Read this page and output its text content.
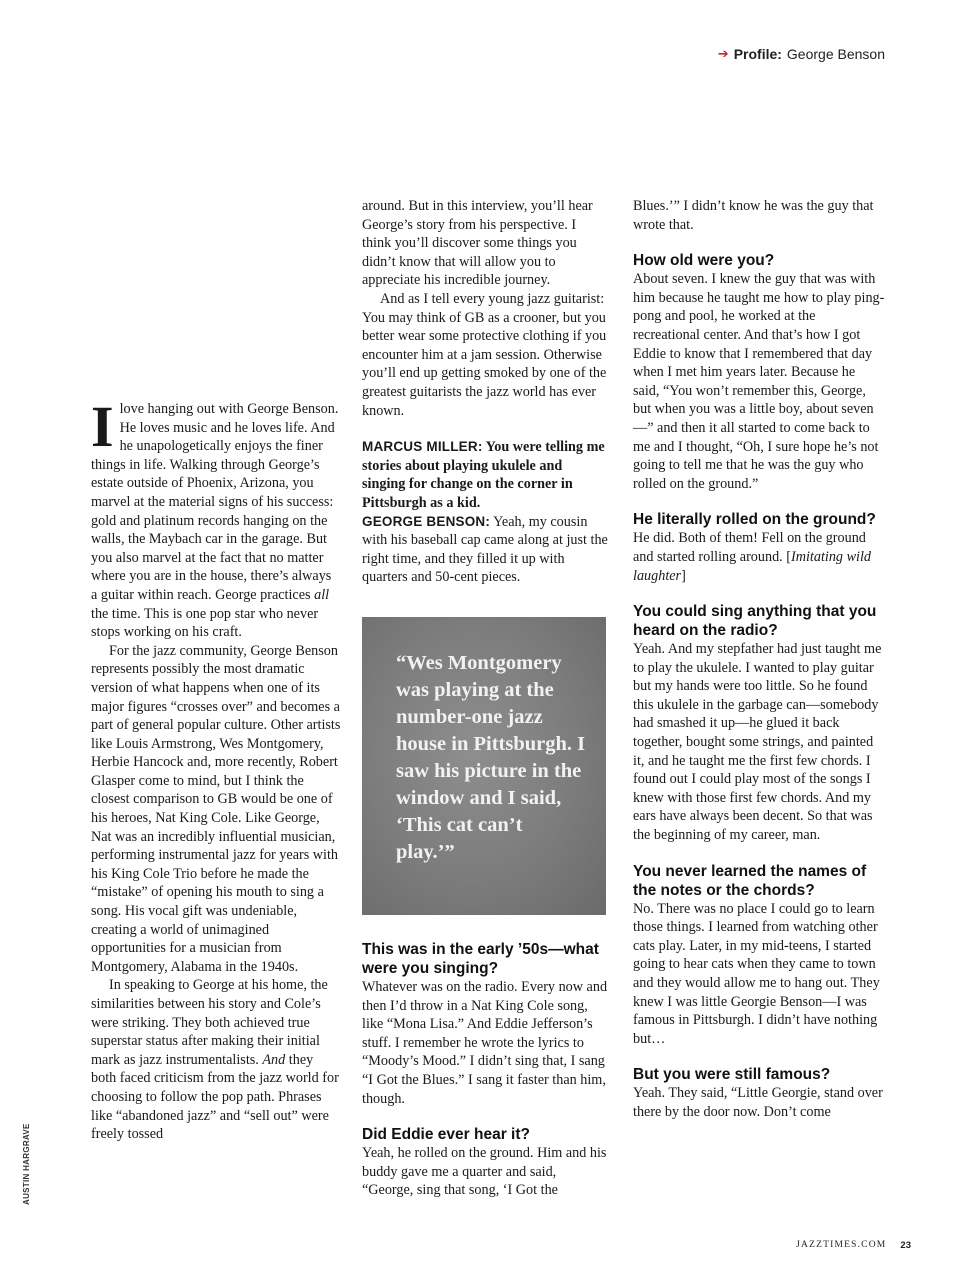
➔ Profile: George Benson

I love hanging out with George Benson. He loves music and he loves life. And he unapologetically enjoys the finer things in life. Walking through George’s estate outside of Phoenix, Arizona, you marvel at the material signs of his success: gold and platinum records hanging on the walls, the Maybach car in the garage. But you also marvel at the fact that no matter where you are in the house, there’s always a guitar within reach. George practices all the time. This is one pop star who never stops working on his craft.

For the jazz community, George Benson represents possibly the most dramatic version of what happens when one of its major figures “crosses over” and becomes a part of general popular culture. Other artists like Louis Armstrong, Wes Montgomery, Herbie Hancock and, more recently, Robert Glasper come to mind, but I think the closest comparison to GB would be one of his heroes, Nat King Cole. Like George, Nat was an incredibly influential musician, performing instrumental jazz for years with his King Cole Trio before he made the “mistake” of opening his mouth to sing a song. His vocal gift was undeniable, creating a world of unimagined opportunities for a musician from Montgomery, Alabama in the 1940s.

In speaking to George at his home, the similarities between his story and Cole’s were striking. They both achieved true superstar status after making their initial mark as jazz instrumentalists. And they both faced criticism from the jazz world for choosing to follow the pop path. Phrases like “abandoned jazz” and “sell out” were freely tossed

around. But in this interview, you’ll hear George’s story from his perspective. I think you’ll discover some things you didn’t know that will allow you to appreciate his incredible journey.

And as I tell every young jazz guitarist: You may think of GB as a crooner, but you better wear some protective clothing if you encounter him at a jam session. Otherwise you’ll end up getting smoked by one of the greatest guitarists the jazz world has ever known.

MARCUS MILLER: You were telling me stories about playing ukulele and singing for change on the corner in Pittsburgh as a kid.

GEORGE BENSON: Yeah, my cousin with his baseball cap came along at just the right time, and they filled it up with quarters and 50-cent pieces.

“Wes Montgomery was playing at the number-one jazz house in Pittsburgh. I saw his picture in the window and I said, ‘This cat can’t play.’”

This was in the early ’50s—what were you singing?

Whatever was on the radio. Every now and then I’d throw in a Nat King Cole song, like “Mona Lisa.” And Eddie Jefferson’s stuff. I remember he wrote the lyrics to “Moody’s Mood.” I didn’t sing that, I sang “I Got the Blues.” I sang it faster than him, though.

Did Eddie ever hear it?

Yeah, he rolled on the ground. Him and his buddy gave me a quarter and said, “George, sing that song, ‘I Got the

Blues.’” I didn’t know he was the guy that wrote that.

How old were you?

About seven. I knew the guy that was with him because he taught me how to play ping-pong and pool, he worked at the recreational center. And that’s how I got Eddie to know that I remembered that day when I met him years later. Because he said, “You won’t remember this, George, but when you was a little boy, about seven—” and then it all started to come back to me and I thought, “Oh, I sure hope he’s not going to tell me that he was the guy who rolled on the ground.”

He literally rolled on the ground?

He did. Both of them! Fell on the ground and started rolling around. [Imitating wild laughter]

You could sing anything that you heard on the radio?

Yeah. And my stepfather had just taught me to play the ukulele. I wanted to play guitar but my hands were too little. So he found this ukulele in the garbage can—somebody had smashed it up—he glued it back together, bought some strings, and painted it, and he taught me the first few chords. I found out I could play most of the songs I knew with those first few chords. And my ears have always been decent. So that was the beginning of my career, man.

You never learned the names of the notes or the chords?

No. There was no place I could go to learn those things. I learned from watching other cats play. Later, in my mid-teens, I started going to hear cats when they came to town and they would allow me to hang out. They knew I was little Georgie Benson—I was famous in Pittsburgh. I didn’t have nothing but…

But you were still famous?

Yeah. They said, “Little Georgie, stand over there by the door now. Don’t come

AUSTIN HARGRAVE
JAZZTIMES.COM 23
